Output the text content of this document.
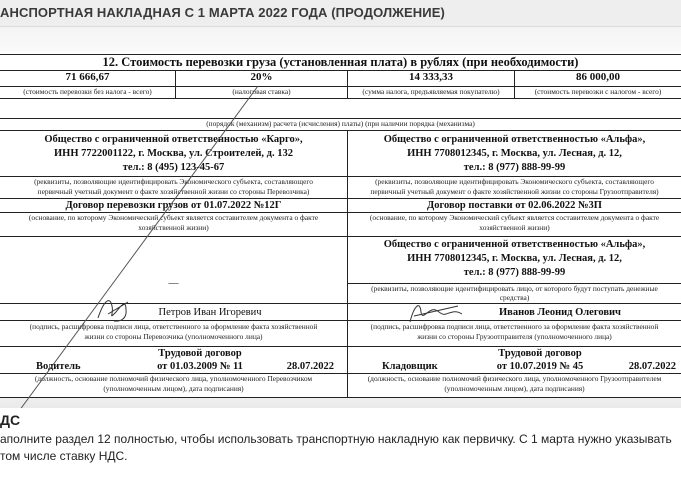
АНСПОРТНАЯ НАКЛАДНАЯ С 1 МАРТА 2022 ГОДА (ПРОДОЛЖЕНИЕ)
12. Стоимость перевозки груза (установленная плата) в рублях (при необходимости)
71 666,67	20%	14 333,33	86 000,00
(стоимость перевозки без налога - всего)	(налоговая ставка)	(сумма налога, предъявляемая покупателю)	(стоимость перевозки с налогом - всего)
(порядок (механизм) расчета (исчисления) платы) (при наличии порядка (механизма)
Общество с ограниченной ответственностью «Карго»,
ИНН 7722001122, г. Москва, ул. Строителей, д. 132
тел.: 8 (495) 123-45-67
(реквизиты, позволяющие идентифицировать Экономического субъекта, составляющего
первичный учетный документ о факте хозяйственной жизни со стороны Перевозчика)
Договор перевозки грузов от 01.07.2022 №12Г
(основание, по которому Экономический субъект является составителем документа о факте
хозяйственной жизни)
—
Петров Иван Игоревич
(подпись, расшифровка подписи лица, ответственного за оформление факта хозяйственной
жизни со стороны Перевозчика (уполномоченного лица)
Трудовой договор
Водитель	от 01.03.2009 № 11	28.07.2022
(должность, основание полномочий физического лица, уполномоченного Перевозчиком
(уполномоченным лицом), дата подписания)
Общество с ограниченной ответственностью «Альфа»,
ИНН 7708012345, г. Москва, ул. Лесная, д. 12,
тел.: 8 (977) 888-99-99
(реквизиты, позволяющие идентифицировать Экономического субъекта, составляющего
первичный учетный документ о факте хозяйственной жизни со стороны Грузоотправителя)
Договор поставки от 02.06.2022 №3П
(основание, по которому Экономический субъект является составителем документа о факте
хозяйственной жизни)
Общество с ограниченной ответственностью «Альфа»,
ИНН 7708012345, г. Москва, ул. Лесная, д. 12,
тел.: 8 (977) 888-99-99
(реквизиты, позволяющие идентифицировать лицо, от которого будут поступать денежные
средства)
Иванов Леонид Олегович
(подпись, расшифровка подписи лица, ответственного за оформление факта хозяйственной
жизни со стороны Грузоотправителя (уполномоченного лица)
Трудовой договор
Кладовщик	от 10.07.2019 № 45	28.07.2022
(должность, основание полномочий физического лица, уполномоченного Грузоотправителем
(уполномоченным лицом), дата подписания)
ДС
аполните раздел 12 полностью, чтобы использовать транспортную накладную как первичку. С 1 марта нужно указывать
том числе ставку НДС.
